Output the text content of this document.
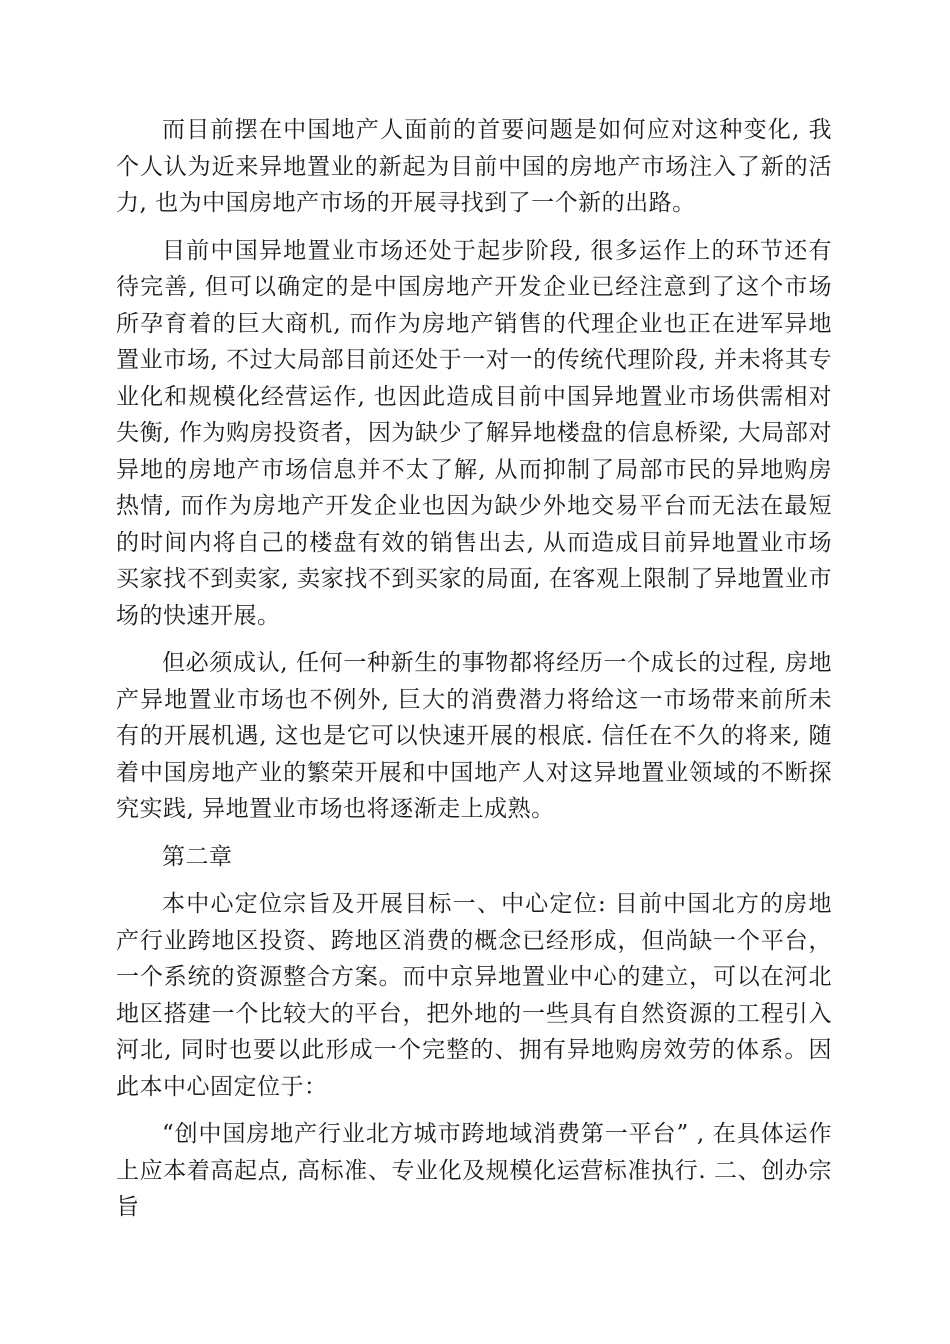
而目前摆在中国地产人面前的首要问题是如何应对这种变化, 我个人认为近来异地置业的新起为目前中国的房地产市场注入了新的活力, 也为中国房地产市场的开展寻找到了一个新的出路。

目前中国异地置业市场还处于起步阶段, 很多运作上的环节还有待完善, 但可以确定的是中国房地产开发企业已经注意到了这个市场所孕育着的巨大商机, 而作为房地产销售的代理企业也正在进军异地置业市场, 不过大局部目前还处于一对一的传统代理阶段, 并未将其专业化和规模化经营运作, 也因此造成目前中国异地置业市场供需相对失衡, 作为购房投资者，因为缺少了解异地楼盘的信息桥梁, 大局部对异地的房地产市场信息并不太了解, 从而抑制了局部市民的异地购房热情, 而作为房地产开发企业也因为缺少外地交易平台而无法在最短的时间内将自己的楼盘有效的销售出去, 从而造成目前异地置业市场买家找不到卖家, 卖家找不到买家的局面, 在客观上限制了异地置业市场的快速开展。

但必须成认, 任何一种新生的事物都将经历一个成长的过程, 房地产异地置业市场也不例外, 巨大的消费潜力将给这一市场带来前所未有的开展机遇, 这也是它可以快速开展的根底. 信任在不久的将来, 随着中国房地产业的繁荣开展和中国地产人对这异地置业领域的不断探究实践, 异地置业市场也将逐渐走上成熟。

第二章

本中心定位宗旨及开展目标一、中心定位: 目前中国北方的房地产行业跨地区投资、跨地区消费的概念已经形成，但尚缺一个平台，一个系统的资源整合方案。而中京异地置业中心的建立，可以在河北地区搭建一个比较大的平台，把外地的一些具有自然资源的工程引入河北, 同时也要以此形成一个完整的、拥有异地购房效劳的体系。因此本中心固定位于：

“创中国房地产行业北方城市跨地域消费第一平台” , 在具体运作上应本着高起点, 高标准、专业化及规模化运营标准执行. 二、创办宗旨
